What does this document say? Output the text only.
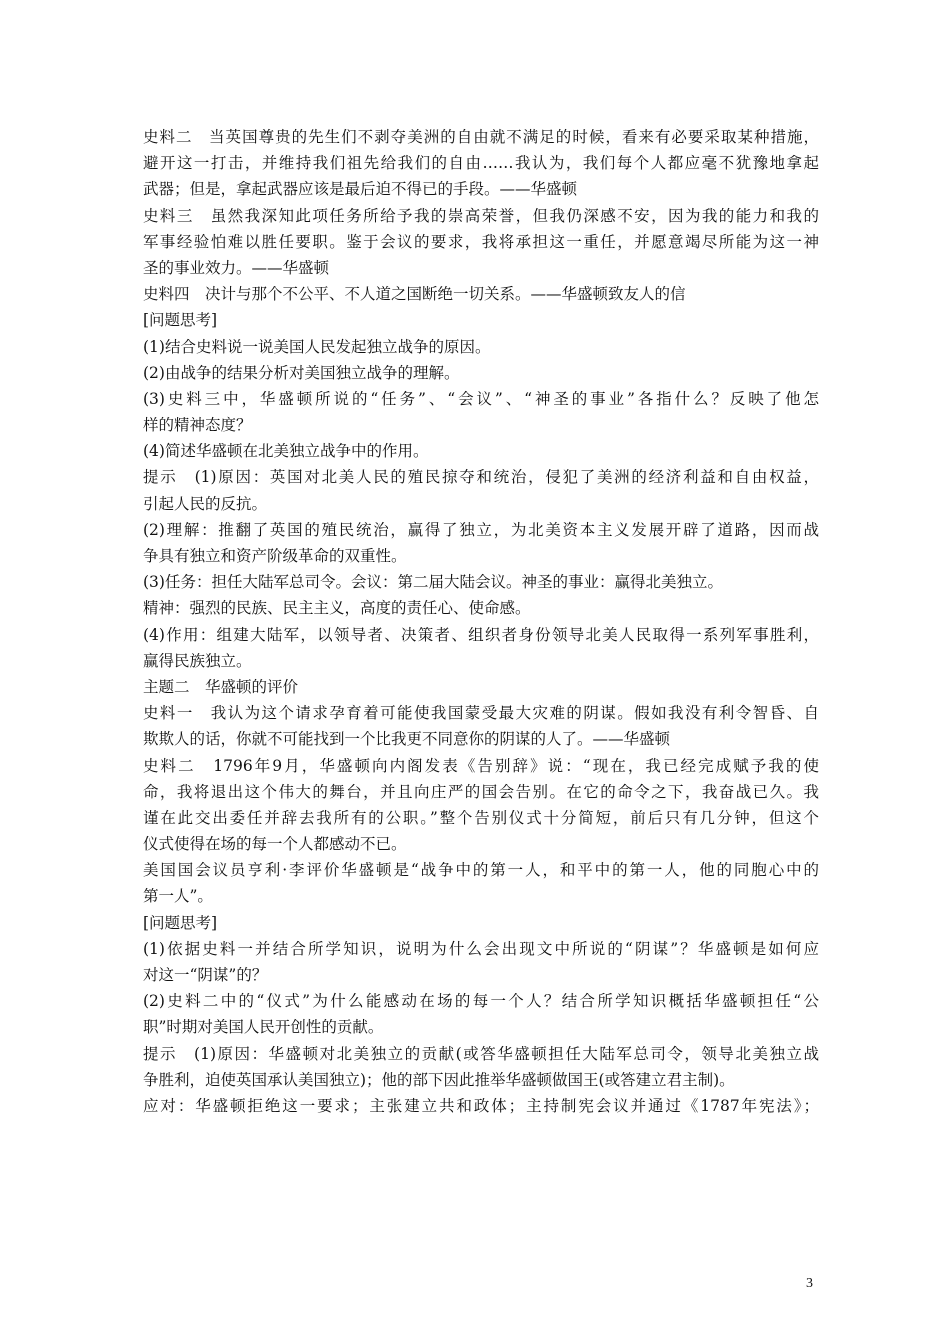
史料二　当英国尊贵的先生们不剥夺美洲的自由就不满足的时候，看来有必要采取某种措施，
避开这一打击，并维持我们祖先给我们的自由……我认为，我们每个人都应毫不犹豫地拿起
武器；但是，拿起武器应该是最后迫不得已的手段。——华盛顿
史料三　虽然我深知此项任务所给予我的崇高荣誉，但我仍深感不安，因为我的能力和我的
军事经验怕难以胜任要职。鉴于会议的要求，我将承担这一重任，并愿意竭尽所能为这一神
圣的事业效力。——华盛顿
史料四　决计与那个不公平、不人道之国断绝一切关系。——华盛顿致友人的信
[问题思考]
(1)结合史料说一说美国人民发起独立战争的原因。
(2)由战争的结果分析对美国独立战争的理解。
(3)史料三中，华盛顿所说的“任务”、“会议”、“神圣的事业”各指什么？反映了他怎
样的精神态度？
(4)简述华盛顿在北美独立战争中的作用。
提示　(1)原因：英国对北美人民的殖民掠夺和统治，侵犯了美洲的经济利益和自由权益，
引起人民的反抗。
(2)理解：推翻了英国的殖民统治，赢得了独立，为北美资本主义发展开辟了道路，因而战
争具有独立和资产阶级革命的双重性。
(3)任务：担任大陆军总司令。会议：第二届大陆会议。神圣的事业：赢得北美独立。
精神：强烈的民族、民主主义，高度的责任心、使命感。
(4)作用：组建大陆军，以领导者、决策者、组织者身份领导北美人民取得一系列军事胜利，
赢得民族独立。
主题二　华盛顿的评价
史料一　我认为这个请求孕育着可能使我国蒙受最大灾难的阴谋。假如我没有利令智昏、自
欺欺人的话，你就不可能找到一个比我更不同意你的阴谋的人了。——华盛顿
史料二　1796年9月，华盛顿向内阁发表《告别辞》说：“现在，我已经完成赋予我的使
命，我将退出这个伟大的舞台，并且向庄严的国会告别。在它的命令之下，我奋战已久。我
谨在此交出委任并辞去我所有的公职。”整个告别仪式十分简短，前后只有几分钟，但这个
仪式使得在场的每一个人都感动不已。
美国国会议员亨利·李评价华盛顿是“战争中的第一人，和平中的第一人，他的同胞心中的
第一人”。
[问题思考]
(1)依据史料一并结合所学知识，说明为什么会出现文中所说的“阴谋”？华盛顿是如何应
对这一“阴谋”的？
(2)史料二中的“仪式”为什么能感动在场的每一个人？结合所学知识概括华盛顿担任“公
职”时期对美国人民开创性的贡献。
提示　(1)原因：华盛顿对北美独立的贡献(或答华盛顿担任大陆军总司令，领导北美独立战
争胜利，迫使英国承认美国独立)；他的部下因此推举华盛顿做国王(或答建立君主制)。
应对：华盛顿拒绝这一要求；主张建立共和政体；主持制宪会议并通过《1787年宪法》；
3
